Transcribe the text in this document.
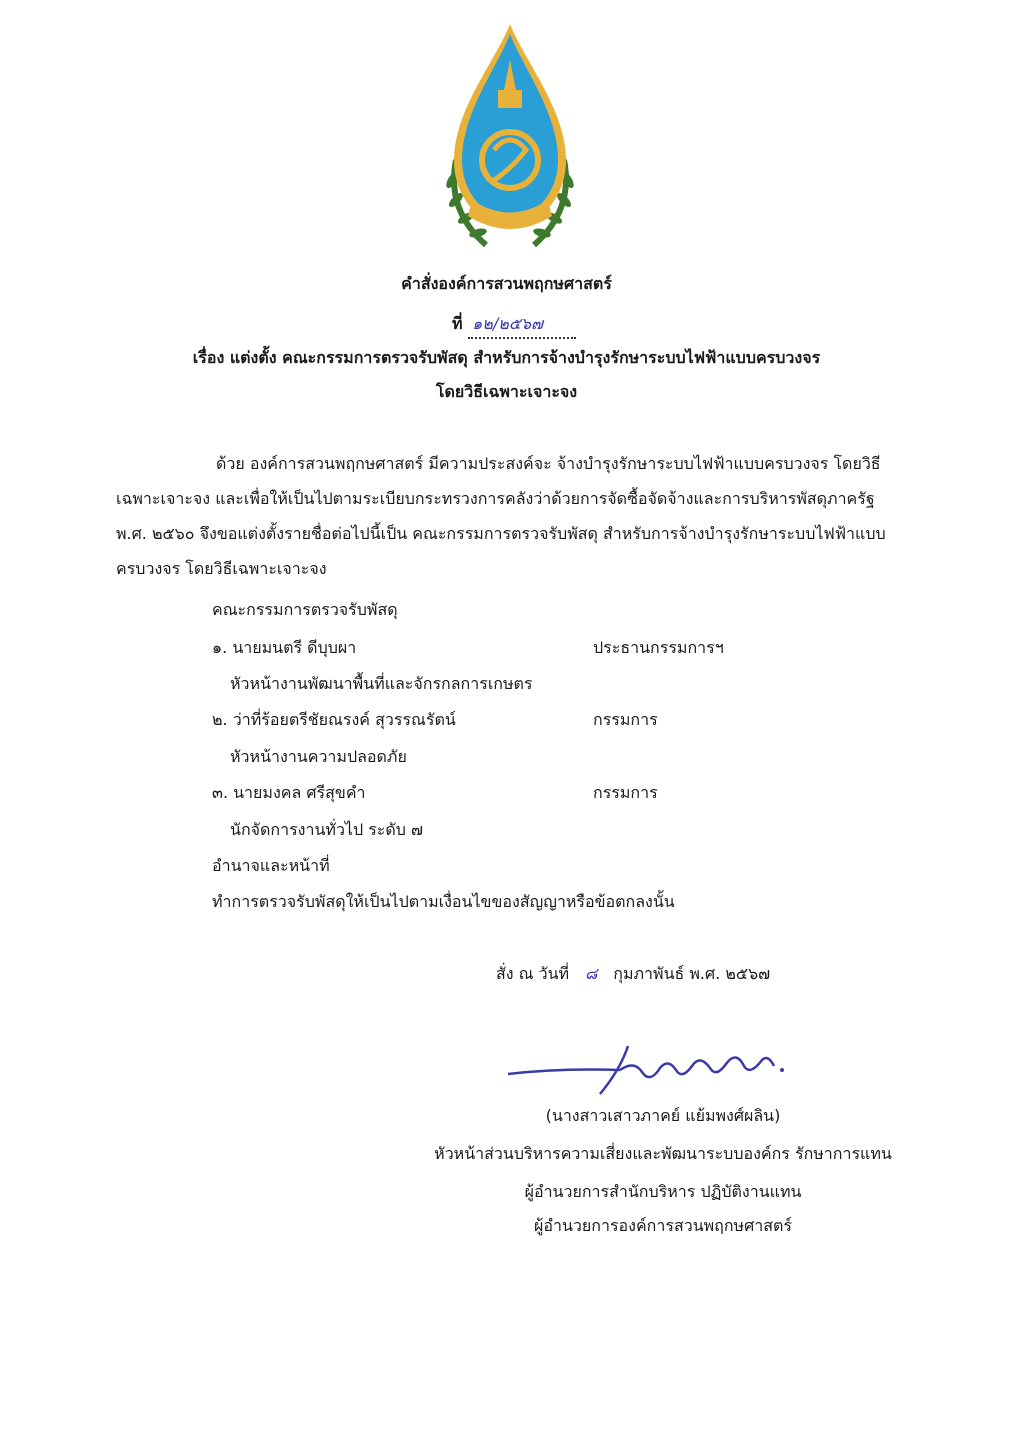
คำสั่งองค์การสวนพฤกษศาสตร์
ที่ ๑๒/๒๕๖๗
เรื่อง แต่งตั้ง คณะกรรมการตรวจรับพัสดุ สำหรับการจ้างบำรุงรักษาระบบไฟฟ้าแบบครบวงจร
โดยวิธีเฉพาะเจาะจง
ด้วย องค์การสวนพฤกษศาสตร์ มีความประสงค์จะ จ้างบำรุงรักษาระบบไฟฟ้าแบบครบวงจร โดยวิธีเฉพาะเจาะจง และเพื่อให้เป็นไปตามระเบียบกระทรวงการคลังว่าด้วยการจัดซื้อจัดจ้างและการบริหารพัสดุภาครัฐ พ.ศ. ๒๕๖๐ จึงขอแต่งตั้งรายชื่อต่อไปนี้เป็น คณะกรรมการตรวจรับพัสดุ สำหรับการจ้างบำรุงรักษาระบบไฟฟ้าแบบครบวงจร โดยวิธีเฉพาะเจาะจง
คณะกรรมการตรวจรับพัสดุ
๑. นายมนตรี ดีบุบผา	ประธานกรรมการฯ
หัวหน้างานพัฒนาพื้นที่และจักรกลการเกษตร
๒. ว่าที่ร้อยตรีชัยณรงค์ สุวรรณรัตน์	กรรมการ
หัวหน้างานความปลอดภัย
๓. นายมงคล ศรีสุขคำ	กรรมการ
นักจัดการงานทั่วไป ระดับ ๗
อำนาจและหน้าที่
ทำการตรวจรับพัสดุให้เป็นไปตามเงื่อนไขของสัญญาหรือข้อตกลงนั้น
สั่ง ณ วันที่ ๘ กุมภาพันธ์ พ.ศ. ๒๕๖๗
(นางสาวเสาวภาคย์ แย้มพงศ์ผลิน)
หัวหน้าส่วนบริหารความเสี่ยงและพัฒนาระบบองค์กร รักษาการแทน
ผู้อำนวยการสำนักบริหาร ปฏิบัติงานแทน
ผู้อำนวยการองค์การสวนพฤกษศาสตร์
